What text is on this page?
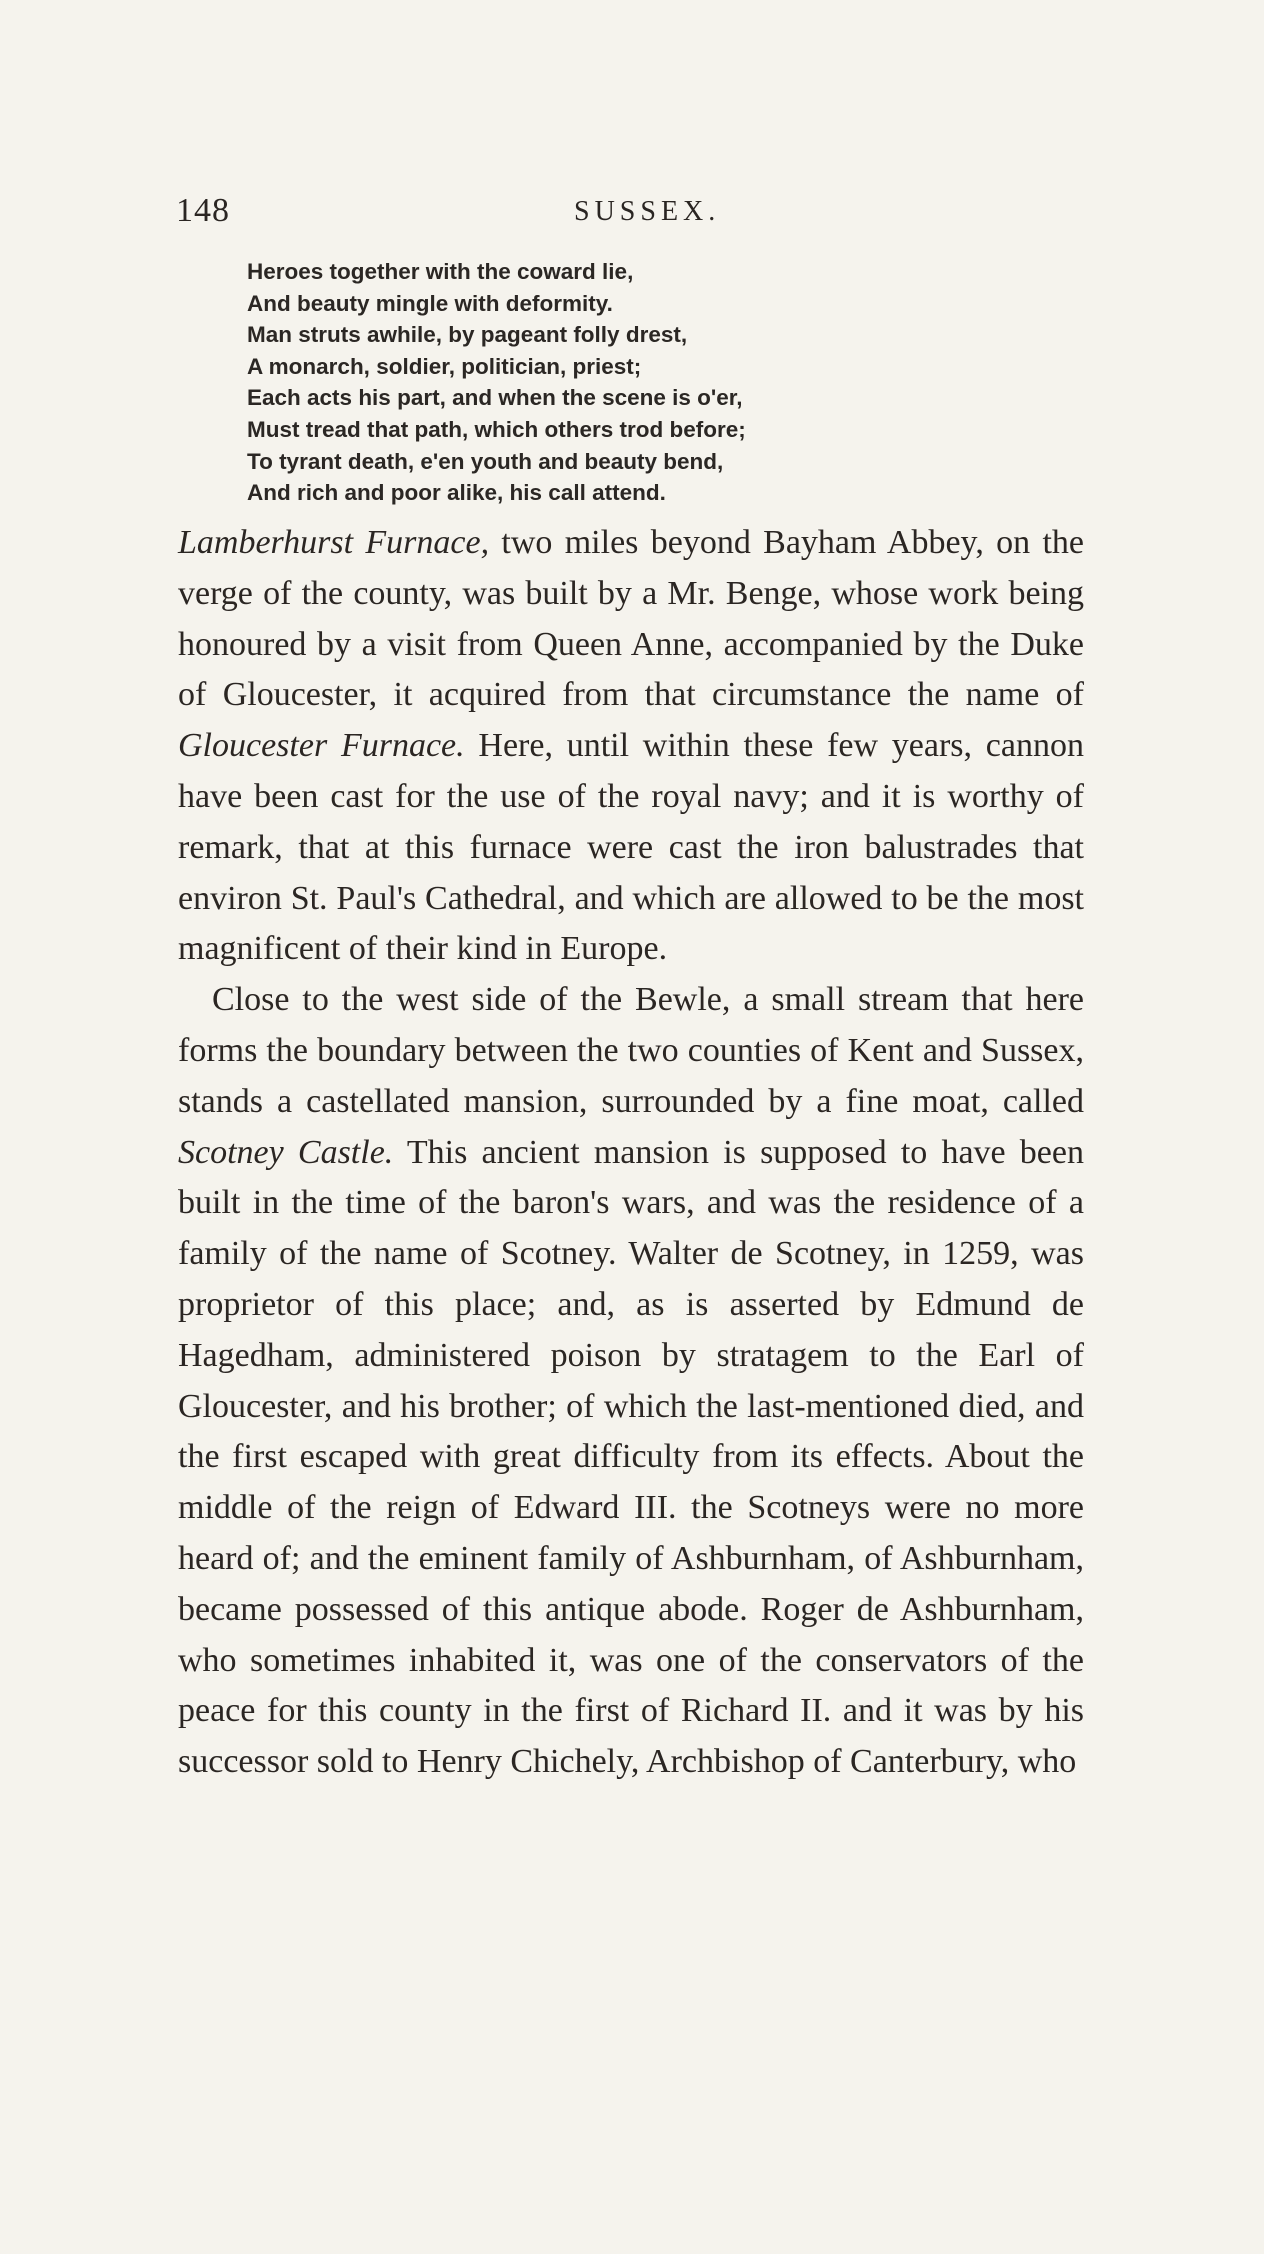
148	SUSSEX.
Heroes together with the coward lie,
And beauty mingle with deformity.
Man struts awhile, by pageant folly drest,
A monarch, soldier, politician, priest;
Each acts his part, and when the scene is o'er,
Must tread that path, which others trod before;
To tyrant death, e'en youth and beauty bend,
And rich and poor alike, his call attend.

Lamberhurst Furnace, two miles beyond Bayham Abbey, on the verge of the county, was built by a Mr. Benge, whose work being honoured by a visit from Queen Anne, accompanied by the Duke of Gloucester, it acquired from that circumstance the name of Gloucester Furnace. Here, until within these few years, cannon have been cast for the use of the royal navy; and it is worthy of remark, that at this furnace were cast the iron balustrades that environ St. Paul's Cathedral, and which are allowed to be the most magnificent of their kind in Europe.

Close to the west side of the Bewle, a small stream that here forms the boundary between the two counties of Kent and Sussex, stands a castellated mansion, surrounded by a fine moat, called Scotney Castle. This ancient mansion is supposed to have been built in the time of the baron's wars, and was the residence of a family of the name of Scotney. Walter de Scotney, in 1259, was proprietor of this place; and, as is asserted by Edmund de Hagedham, administered poison by stratagem to the Earl of Gloucester, and his brother; of which the last-mentioned died, and the first escaped with great difficulty from its effects. About the middle of the reign of Edward III. the Scotneys were no more heard of; and the eminent family of Ashburnham, of Ashburnham, became possessed of this antique abode. Roger de Ashburnham, who sometimes inhabited it, was one of the conservators of the peace for this county in the first of Richard II. and it was by his successor sold to Henry Chichely, Archbishop of Canterbury, who
